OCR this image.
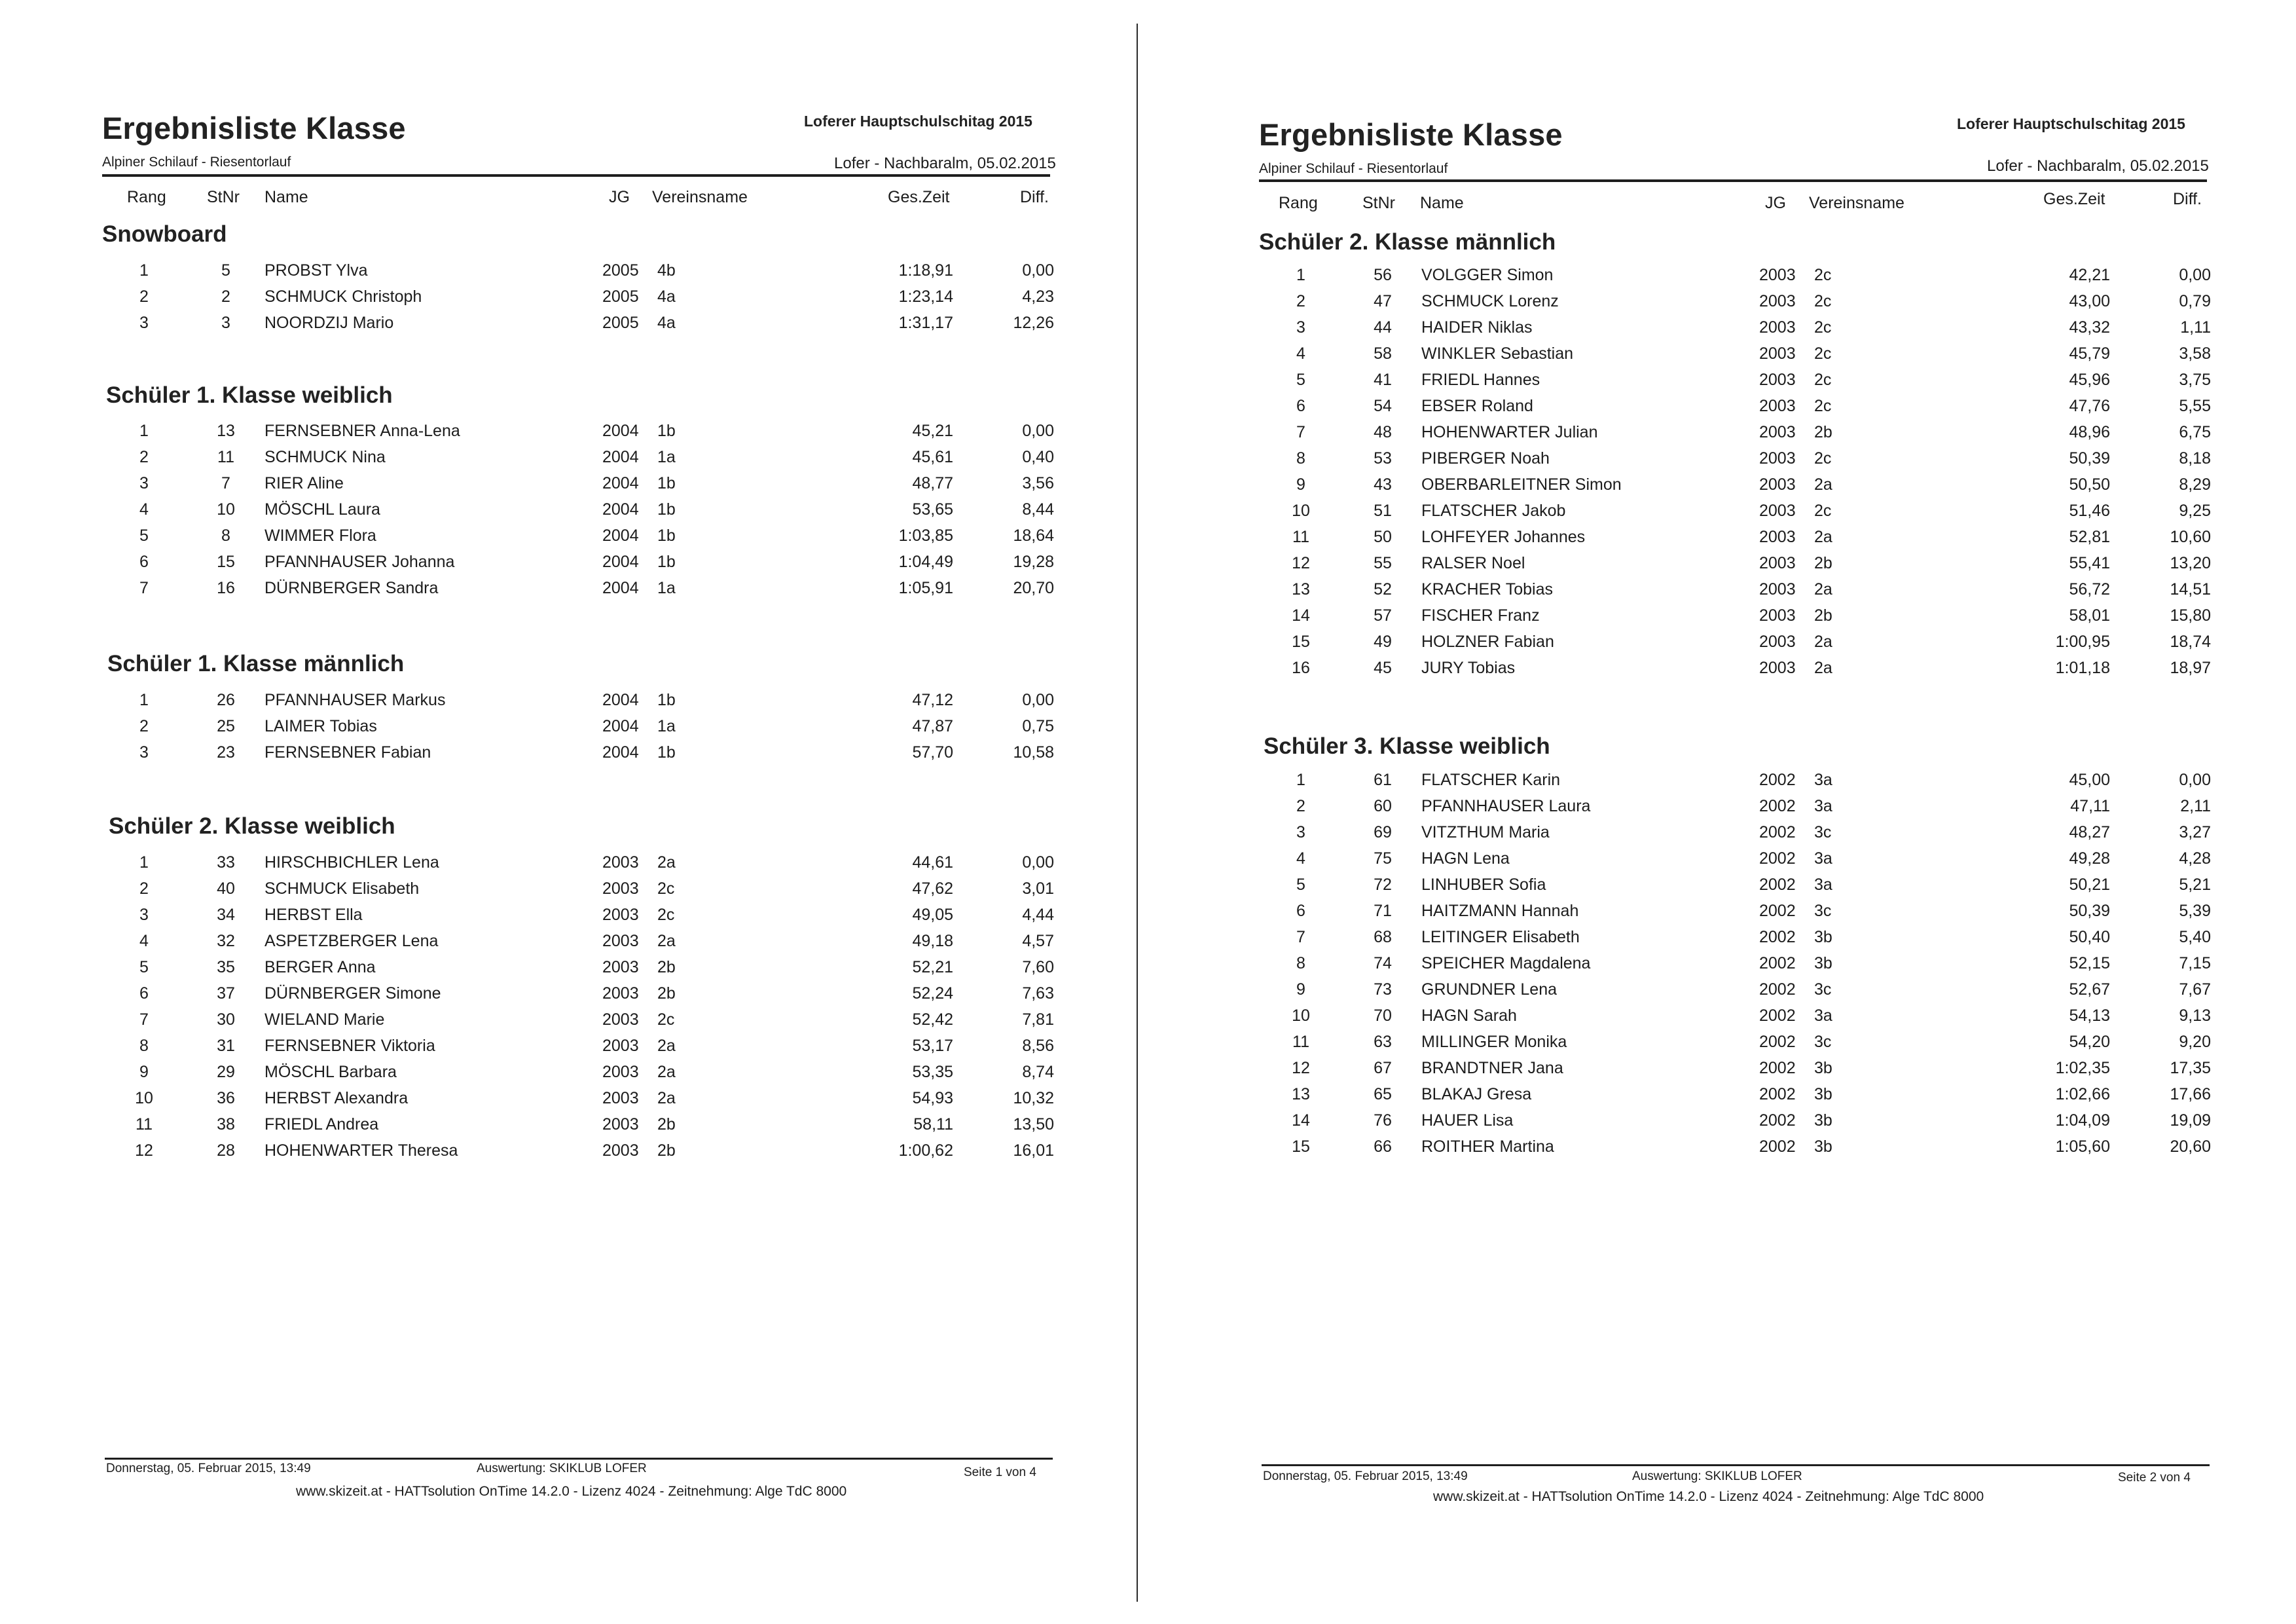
Ergebnisliste Klasse	Loferer Hauptschulschitag 2015
Alpiner Schilauf - Riesentorlauf	Lofer - Nachbaralm, 05.02.2015
Rang StNr Name	JG Vereinsname	Ges.Zeit	Diff.
Snowboard
1	5	PROBST Ylva	2005	4b	1:18,91	0,00
2	2	SCHMUCK Christoph	2005	4a	1:23,14	4,23
3	3	NOORDZIJ Mario	2005	4a	1:31,17	12,26
Schüler 1. Klasse weiblich
1	13	FERNSEBNER Anna-Lena	2004	1b	45,21	0,00
2	11	SCHMUCK Nina	2004	1a	45,61	0,40
3	7	RIER Aline	2004	1b	48,77	3,56
4	10	MÖSCHL Laura	2004	1b	53,65	8,44
5	8	WIMMER Flora	2004	1b	1:03,85	18,64
6	15	PFANNHAUSER Johanna	2004	1b	1:04,49	19,28
7	16	DÜRNBERGER Sandra	2004	1a	1:05,91	20,70
Schüler 1. Klasse männlich
1	26	PFANNHAUSER Markus	2004	1b	47,12	0,00
2	25	LAIMER Tobias	2004	1a	47,87	0,75
3	23	FERNSEBNER Fabian	2004	1b	57,70	10,58
Schüler 2. Klasse weiblich
1	33	HIRSCHBICHLER Lena	2003	2a	44,61	0,00
2	40	SCHMUCK Elisabeth	2003	2c	47,62	3,01
3	34	HERBST Ella	2003	2c	49,05	4,44
4	32	ASPETZBERGER Lena	2003	2a	49,18	4,57
5	35	BERGER Anna	2003	2b	52,21	7,60
6	37	DÜRNBERGER Simone	2003	2b	52,24	7,63
7	30	WIELAND Marie	2003	2c	52,42	7,81
8	31	FERNSEBNER Viktoria	2003	2a	53,17	8,56
9	29	MÖSCHL Barbara	2003	2a	53,35	8,74
10	36	HERBST Alexandra	2003	2a	54,93	10,32
11	38	FRIEDL Andrea	2003	2b	58,11	13,50
12	28	HOHENWARTER Theresa	2003	2b	1:00,62	16,01
Donnerstag, 05. Februar 2015, 13:49	Auswertung: SKIKLUB LOFER	Seite 1 von 4
www.skizeit.at - HATTsolution OnTime 14.2.0 - Lizenz 4024 - Zeitnehmung: Alge TdC 8000
Ergebnisliste Klasse	Loferer Hauptschulschitag 2015
Alpiner Schilauf - Riesentorlauf	Lofer - Nachbaralm, 05.02.2015
Rang	StNr Name	JG Vereinsname	Ges.Zeit	Diff.
Schüler 2. Klasse männlich
1	56	VOLGGER Simon	2003	2c	42,21	0,00
2	47	SCHMUCK Lorenz	2003	2c	43,00	0,79
3	44	HAIDER Niklas	2003	2c	43,32	1,11
4	58	WINKLER Sebastian	2003	2c	45,79	3,58
5	41	FRIEDL Hannes	2003	2c	45,96	3,75
6	54	EBSER Roland	2003	2c	47,76	5,55
7	48	HOHENWARTER Julian	2003	2b	48,96	6,75
8	53	PIBERGER Noah	2003	2c	50,39	8,18
9	43	OBERBARLEITNER Simon	2003	2a	50,50	8,29
10	51	FLATSCHER Jakob	2003	2c	51,46	9,25
11	50	LOHFEYER Johannes	2003	2a	52,81	10,60
12	55	RALSER Noel	2003	2b	55,41	13,20
13	52	KRACHER Tobias	2003	2a	56,72	14,51
14	57	FISCHER Franz	2003	2b	58,01	15,80
15	49	HOLZNER Fabian	2003	2a	1:00,95	18,74
16	45	JURY Tobias	2003	2a	1:01,18	18,97
Schüler 3. Klasse weiblich
1	61	FLATSCHER Karin	2002	3a	45,00	0,00
2	60	PFANNHAUSER Laura	2002	3a	47,11	2,11
3	69	VITZTHUM Maria	2002	3c	48,27	3,27
4	75	HAGN Lena	2002	3a	49,28	4,28
5	72	LINHUBER Sofia	2002	3a	50,21	5,21
6	71	HAITZMANN Hannah	2002	3c	50,39	5,39
7	68	LEITINGER Elisabeth	2002	3b	50,40	5,40
8	74	SPEICHER Magdalena	2002	3b	52,15	7,15
9	73	GRUNDNER Lena	2002	3c	52,67	7,67
10	70	HAGN Sarah	2002	3a	54,13	9,13
11	63	MILLINGER Monika	2002	3c	54,20	9,20
12	67	BRANDTNER Jana	2002	3b	1:02,35	17,35
13	65	BLAKAJ Gresa	2002	3b	1:02,66	17,66
14	76	HAUER Lisa	2002	3b	1:04,09	19,09
15	66	ROITHER Martina	2002	3b	1:05,60	20,60
Donnerstag, 05. Februar 2015, 13:49	Auswertung: SKIKLUB LOFER	Seite 2 von 4
www.skizeit.at - HATTsolution OnTime 14.2.0 - Lizenz 4024 - Zeitnehmung: Alge TdC 8000
